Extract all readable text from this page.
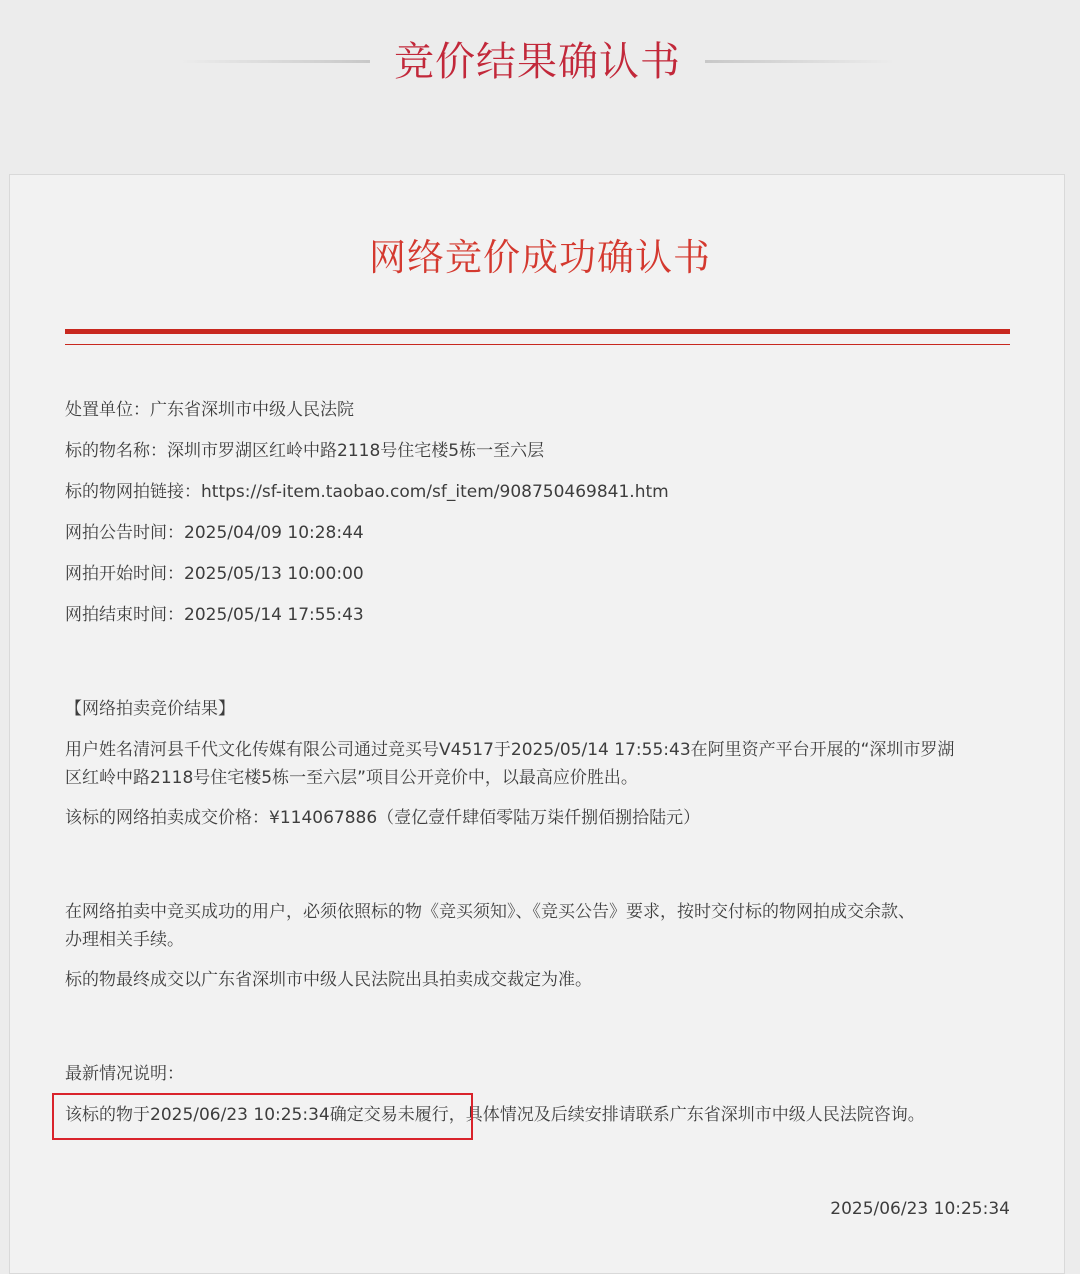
竞价结果确认书
网络竞价成功确认书
处置单位：广东省深圳市中级人民法院
标的物名称：深圳市罗湖区红岭中路2118号住宅楼5栋一至六层
标的物网拍链接：https://sf-item.taobao.com/sf_item/908750469841.htm
网拍公告时间：2025/04/09 10:28:44
网拍开始时间：2025/05/13 10:00:00
网拍结束时间：2025/05/14 17:55:43
【网络拍卖竞价结果】
用户姓名清河县千代文化传媒有限公司通过竞买号V4517于2025/05/14 17:55:43在阿里资产平台开展的“深圳市罗湖
区红岭中路2118号住宅楼5栋一至六层”项目公开竞价中，以最高应价胜出。
该标的网络拍卖成交价格：¥114067886（壹亿壹仟肆佰零陆万柒仟捌佰捌拾陆元）
在网络拍卖中竞买成功的用户，必须依照标的物《竞买须知》、《竞买公告》要求，按时交付标的物网拍成交余款、
办理相关手续。
标的物最终成交以广东省深圳市中级人民法院出具拍卖成交裁定为准。
最新情况说明：
该标的物于2025/06/23 10:25:34确定交易未履行，具体情况及后续安排请联系广东省深圳市中级人民法院咨询。
2025/06/23 10:25:34
